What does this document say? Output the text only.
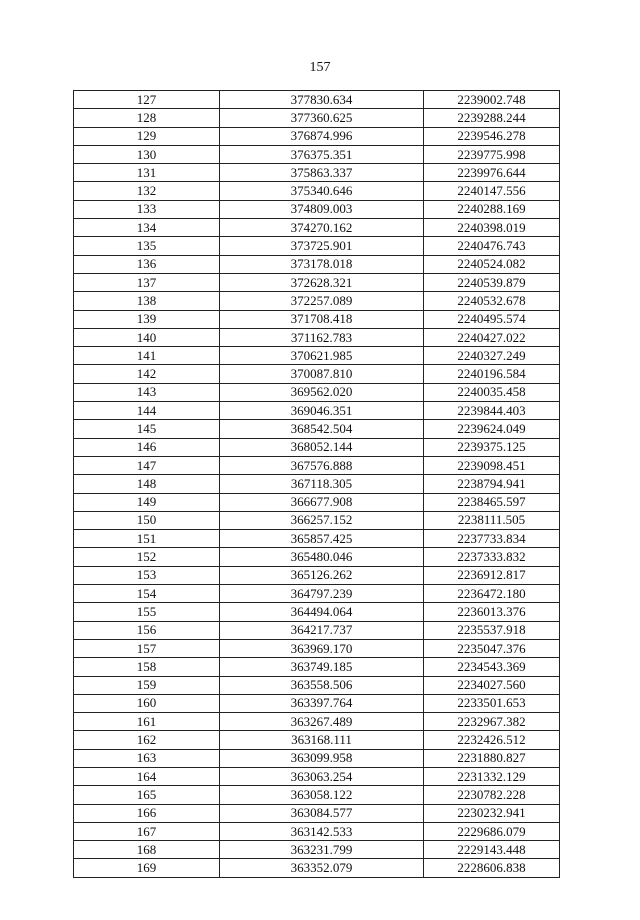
157
127	377830.634	2239002.748
128	377360.625	2239288.244
129	376874.996	2239546.278
130	376375.351	2239775.998
131	375863.337	2239976.644
132	375340.646	2240147.556
133	374809.003	2240288.169
134	374270.162	2240398.019
135	373725.901	2240476.743
136	373178.018	2240524.082
137	372628.321	2240539.879
138	372257.089	2240532.678
139	371708.418	2240495.574
140	371162.783	2240427.022
141	370621.985	2240327.249
142	370087.810	2240196.584
143	369562.020	2240035.458
144	369046.351	2239844.403
145	368542.504	2239624.049
146	368052.144	2239375.125
147	367576.888	2239098.451
148	367118.305	2238794.941
149	366677.908	2238465.597
150	366257.152	2238111.505
151	365857.425	2237733.834
152	365480.046	2237333.832
153	365126.262	2236912.817
154	364797.239	2236472.180
155	364494.064	2236013.376
156	364217.737	2235537.918
157	363969.170	2235047.376
158	363749.185	2234543.369
159	363558.506	2234027.560
160	363397.764	2233501.653
161	363267.489	2232967.382
162	363168.111	2232426.512
163	363099.958	2231880.827
164	363063.254	2231332.129
165	363058.122	2230782.228
166	363084.577	2230232.941
167	363142.533	2229686.079
168	363231.799	2229143.448
169	363352.079	2228606.838
